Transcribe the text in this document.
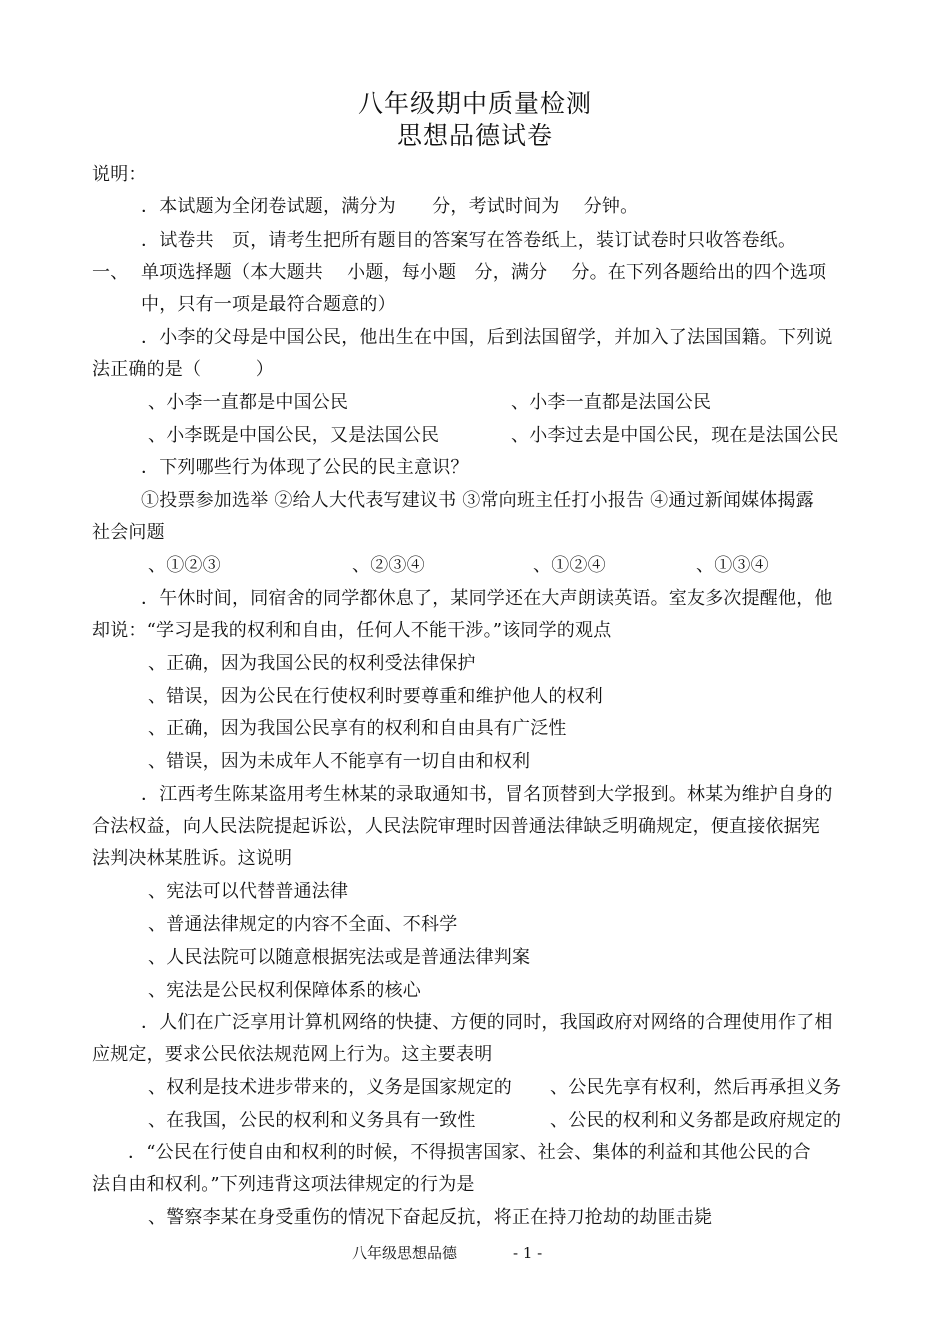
八年级期中质量检测
思想品德试卷
说明：
．本试题为全闭卷试题，满分为　　分，考试时间为　 分钟。
．试卷共　页，请考生把所有题目的答案写在答卷纸上，装订试卷时只收答卷纸。
一、 单项选择题（本大题共　 小题，每小题　分，满分　 分。在下列各题给出的四个选项
中，只有一项是最符合题意的）
．小李的父母是中国公民，他出生在中国，后到法国留学，并加入了法国国籍。下列说
法正确的是（　　　）
、小李一直都是中国公民	、小李一直都是法国公民
、小李既是中国公民，又是法国公民	、小李过去是中国公民，现在是法国公民
．下列哪些行为体现了公民的民主意识？
①投票参加选举 ②给人大代表写建议书 ③常向班主任打小报告 ④通过新闻媒体揭露
社会问题
、①②③	、②③④	、①②④	、①③④
．午休时间，同宿舍的同学都休息了，某同学还在大声朗读英语。室友多次提醒他，他
却说：“学习是我的权利和自由，任何人不能干涉。”该同学的观点
、正确，因为我国公民的权利受法律保护
、错误，因为公民在行使权利时要尊重和维护他人的权利
、正确，因为我国公民享有的权利和自由具有广泛性
、错误，因为未成年人不能享有一切自由和权利
．江西考生陈某盗用考生林某的录取通知书，冒名顶替到大学报到。林某为维护自身的
合法权益，向人民法院提起诉讼，人民法院审理时因普通法律缺乏明确规定，便直接依据宪
法判决林某胜诉。这说明
、宪法可以代替普通法律
、普通法律规定的内容不全面、不科学
、人民法院可以随意根据宪法或是普通法律判案
、宪法是公民权利保障体系的核心
．人们在广泛享用计算机网络的快捷、方便的同时，我国政府对网络的合理使用作了相
应规定，要求公民依法规范网上行为。这主要表明
、权利是技术进步带来的，义务是国家规定的 、公民先享有权利，然后再承担义务
、在我国，公民的权利和义务具有一致性	、公民的权利和义务都是政府规定的
．“公民在行使自由和权利的时候，不得损害国家、社会、集体的利益和其他公民的合
法自由和权利。”下列违背这项法律规定的行为是
、警察李某在身受重伤的情况下奋起反抗，将正在持刀抢劫的劫匪击毙
八年级思想品德	- 1 -
